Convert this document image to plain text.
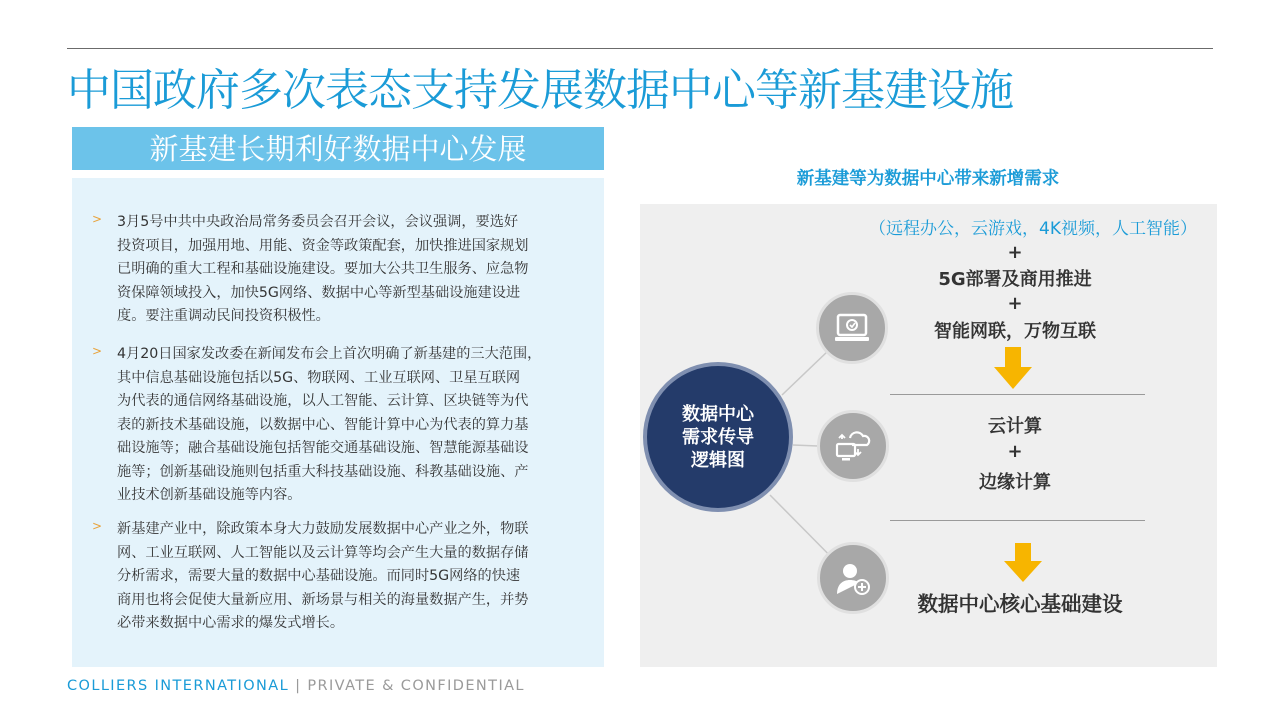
中国政府多次表态支持发展数据中心等新基建设施
新基建长期利好数据中心发展
> 3月5号中共中央政治局常务委员会召开会议，会议强调，要选好
投资项目，加强用地、用能、资金等政策配套，加快推进国家规划
已明确的重大工程和基础设施建设。要加大公共卫生服务、应急物
资保障领域投入，加快5G网络、数据中心等新型基础设施建设进
度。要注重调动民间投资积极性。
> 4月20日国家发改委在新闻发布会上首次明确了新基建的三大范围，
其中信息基础设施包括以5G、物联网、工业互联网、卫星互联网
为代表的通信网络基础设施，以人工智能、云计算、区块链等为代
表的新技术基础设施，以数据中心、智能计算中心为代表的算力基
础设施等；融合基础设施包括智能交通基础设施、智慧能源基础设
施等；创新基础设施则包括重大科技基础设施、科教基础设施、产
业技术创新基础设施等内容。
> 新基建产业中，除政策本身大力鼓励发展数据中心产业之外，物联
网、工业互联网、人工智能以及云计算等均会产生大量的数据存储
分析需求，需要大量的数据中心基础设施。而同时5G网络的快速
商用也将会促使大量新应用、新场景与相关的海量数据产生，并势
必带来数据中心需求的爆发式增长。
新基建等为数据中心带来新增需求
数据中心
需求传导
逻辑图
（远程办公，云游戏，4K视频，人工智能）
+
5G部署及商用推进
+
智能网联，万物互联
云计算
+
边缘计算
数据中心核心基础建设
COLLIERS INTERNATIONAL | PRIVATE & CONFIDENTIAL
